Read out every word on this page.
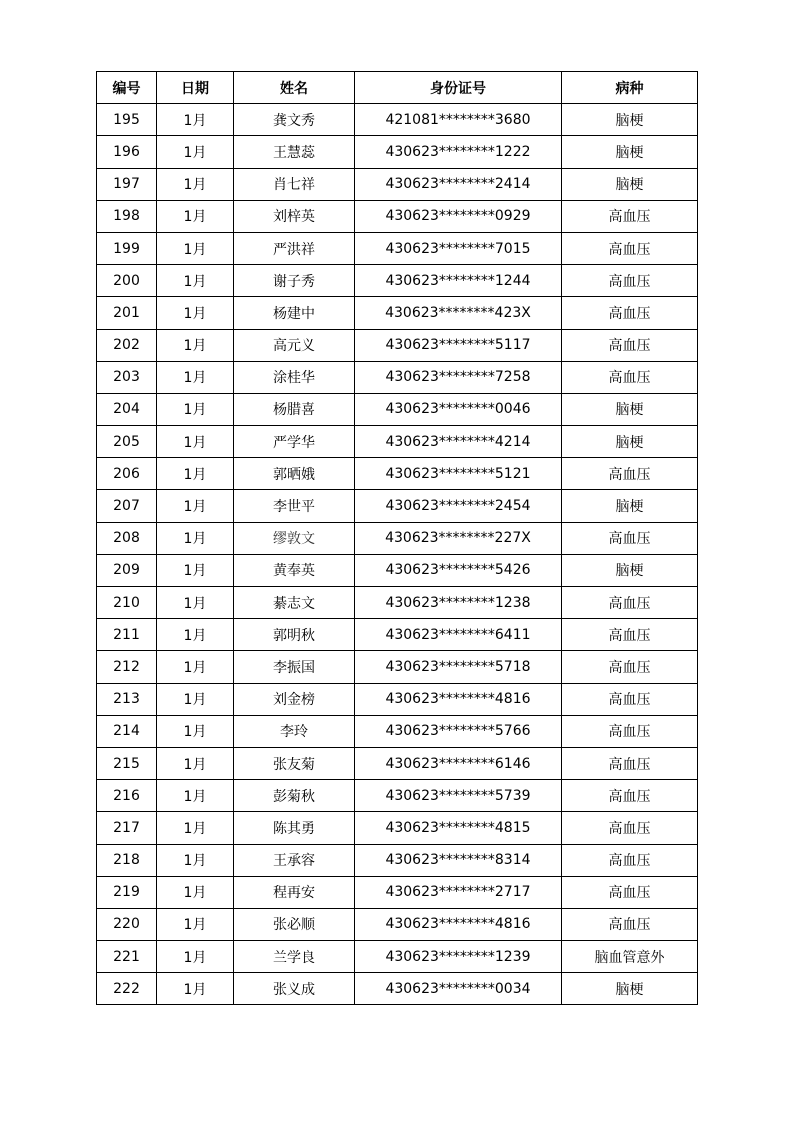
编号	日期	姓名	身份证号	病种
195	1月	龚文秀	421081********3680	脑梗
196	1月	王慧蕊	430623********1222	脑梗
197	1月	肖七祥	430623********2414	脑梗
198	1月	刘梓英	430623********0929	高血压
199	1月	严洪祥	430623********7015	高血压
200	1月	谢子秀	430623********1244	高血压
201	1月	杨建中	430623********423X	高血压
202	1月	高元义	430623********5117	高血压
203	1月	涂桂华	430623********7258	高血压
204	1月	杨腊喜	430623********0046	脑梗
205	1月	严学华	430623********4214	脑梗
206	1月	郭晒娥	430623********5121	高血压
207	1月	李世平	430623********2454	脑梗
208	1月	缪敦文	430623********227X	高血压
209	1月	黄奉英	430623********5426	脑梗
210	1月	綦志文	430623********1238	高血压
211	1月	郭明秋	430623********6411	高血压
212	1月	李振国	430623********5718	高血压
213	1月	刘金榜	430623********4816	高血压
214	1月	李玲	430623********5766	高血压
215	1月	张友菊	430623********6146	高血压
216	1月	彭菊秋	430623********5739	高血压
217	1月	陈其勇	430623********4815	高血压
218	1月	王承容	430623********8314	高血压
219	1月	程再安	430623********2717	高血压
220	1月	张必顺	430623********4816	高血压
221	1月	兰学良	430623********1239	脑血管意外
222	1月	张义成	430623********0034	脑梗
